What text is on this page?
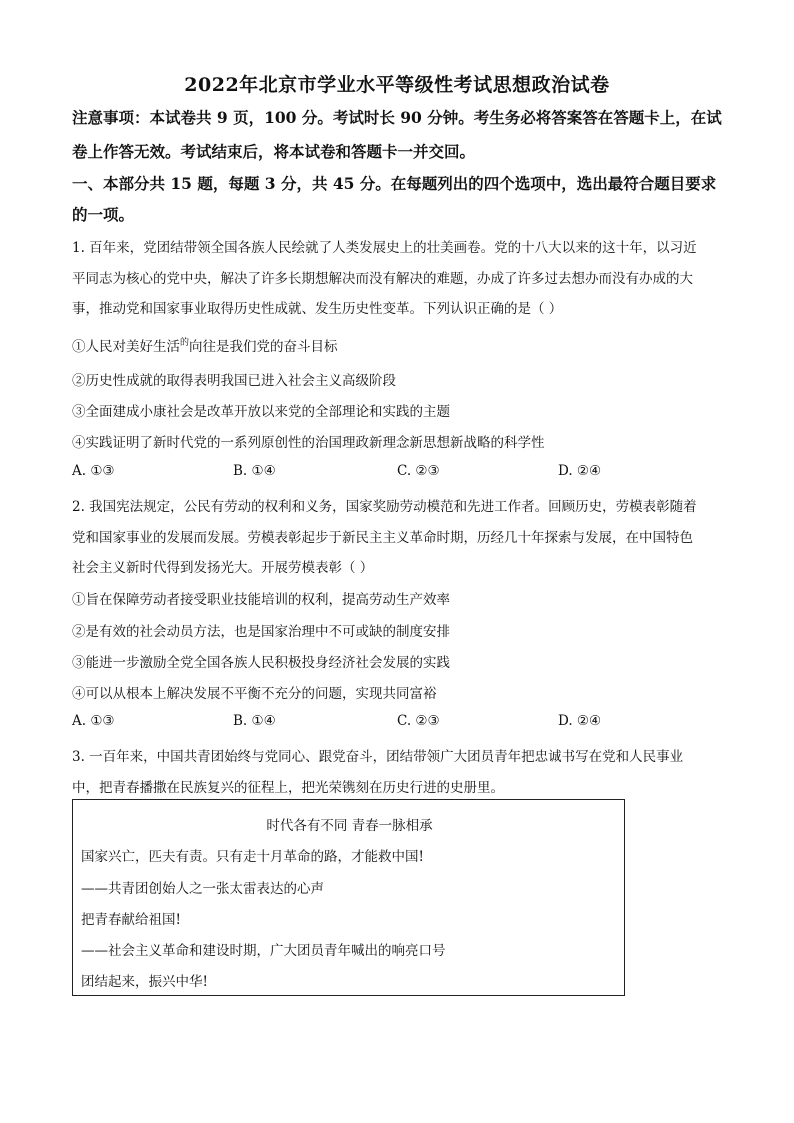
2022年北京市学业水平等级性考试思想政治试卷
注意事项：本试卷共 9 页，100 分。考试时长 90 分钟。考生务必将答案答在答题卡上，在试
卷上作答无效。考试结束后，将本试卷和答题卡一并交回。
一、本部分共 15 题，每题 3 分，共 45 分。在每题列出的四个选项中，选出最符合题目要求
的一项。
1. 百年来，党团结带领全国各族人民绘就了人类发展史上的壮美画卷。党的十八大以来的这十年，以习近
平同志为核心的党中央，解决了许多长期想解决而没有解决的难题，办成了许多过去想办而没有办成的大
事，推动党和国家事业取得历史性成就、发生历史性变革。下列认识正确的是（ ）
①人民对美好生活$^的$向往是我们党的奋斗目标
②历史性成就的取得表明我国已进入社会主义高级阶段
③全面建成小康社会是改革开放以来党的全部理论和实践的主题
④实践证明了新时代党的一系列原创性的治国理政新理念新思想新战略的科学性
A. ①③	B. ①④	C. ②③	D. ②④
2. 我国宪法规定，公民有劳动的权利和义务，国家奖励劳动模范和先进工作者。回顾历史，劳模表彰随着
党和国家事业的发展而发展。劳模表彰起步于新民主主义革命时期，历经几十年探索与发展，在中国特色
社会主义新时代得到发扬光大。开展劳模表彰（ ）
①旨在保障劳动者接受职业技能培训的权利，提高劳动生产效率
②是有效的社会动员方法，也是国家治理中不可或缺的制度安排
③能进一步激励全党全国各族人民积极投身经济社会发展的实践
④可以从根本上解决发展不平衡不充分的问题，实现共同富裕
A. ①③	B. ①④	C. ②③	D. ②④
3. 一百年来，中国共青团始终与党同心、跟党奋斗，团结带领广大团员青年把忠诚书写在党和人民事业
中，把青春播撒在民族复兴的征程上，把光荣镌刻在历史行进的史册里。
时代各有不同 青春一脉相承
国家兴亡，匹夫有责。只有走十月革命的路，才能救中国!
——共青团创始人之一张太雷表达的心声
把青春献给祖国!
——社会主义革命和建设时期，广大团员青年喊出的响亮口号
团结起来，振兴中华!
